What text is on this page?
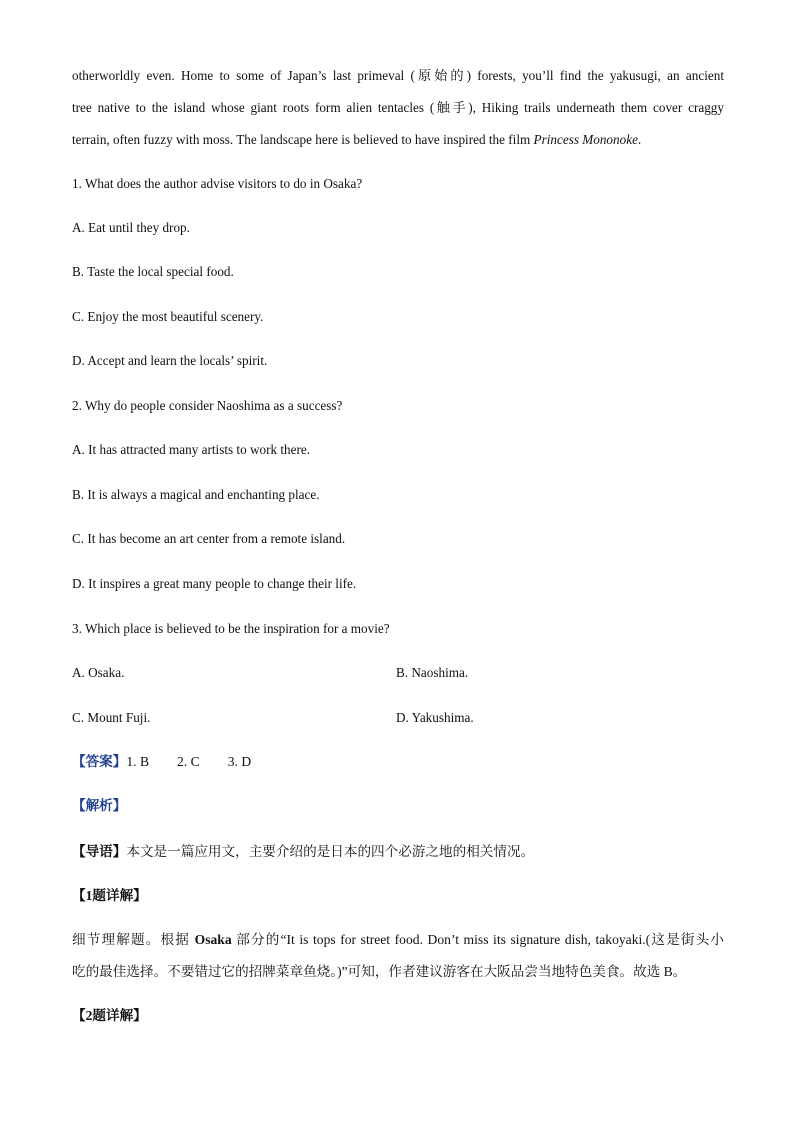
otherworldly even. Home to some of Japan’s last primeval (原始的) forests, you’ll find the yakusugi, an ancient
tree native to the island whose giant roots form alien tentacles (触手), Hiking trails underneath them cover craggy
terrain, often fuzzy with moss. The landscape here is believed to have inspired the film Princess Mononoke.
1. What does the author advise visitors to do in Osaka?
A. Eat until they drop.
B. Taste the local special food.
C. Enjoy the most beautiful scenery.
D. Accept and learn the locals’ spirit.
2. Why do people consider Naoshima as a success?
A. It has attracted many artists to work there.
B. It is always a magical and enchanting place.
C. It has become an art center from a remote island.
D. It inspires a great many people to change their life.
3. Which place is believed to be the inspiration for a movie?
A. Osaka.	B. Naoshima.
C. Mount Fuji.	D. Yakushima.
【答案】1. B 2. C 3. D
【解析】
【导语】本文是一篇应用文，主要介绍的是日本的四个必游之地的相关情况。
【1题详解】
细节理解题。根据 Osaka 部分的“It is tops for street food. Don’t miss its signature dish, takoyaki.(这是街头小
吃的最佳选择。不要错过它的招牌菜章鱼烧。)”可知，作者建议游客在大阪品尝当地特色美食。故选 B。
【2题详解】
